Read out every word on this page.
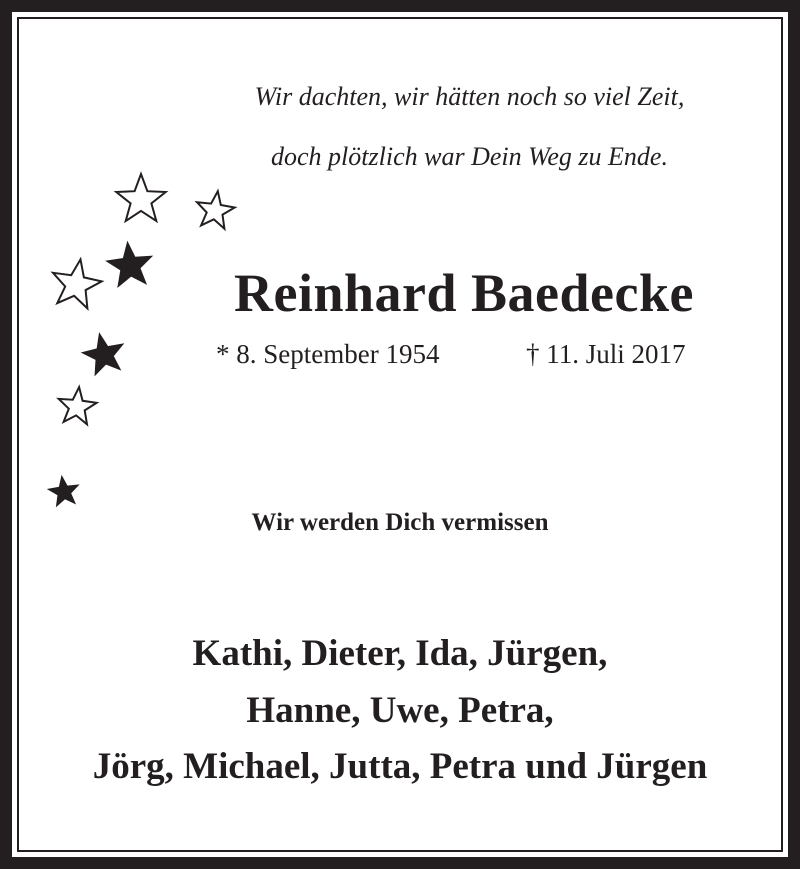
Wir dachten, wir hätten noch so viel Zeit,
doch plötzlich war Dein Weg zu Ende.
Reinhard Baedecke
* 8. September 1954	† 11. Juli 2017
Wir werden Dich vermissen
Kathi, Dieter, Ida, Jürgen,
Hanne, Uwe, Petra,
Jörg, Michael, Jutta, Petra und Jürgen
